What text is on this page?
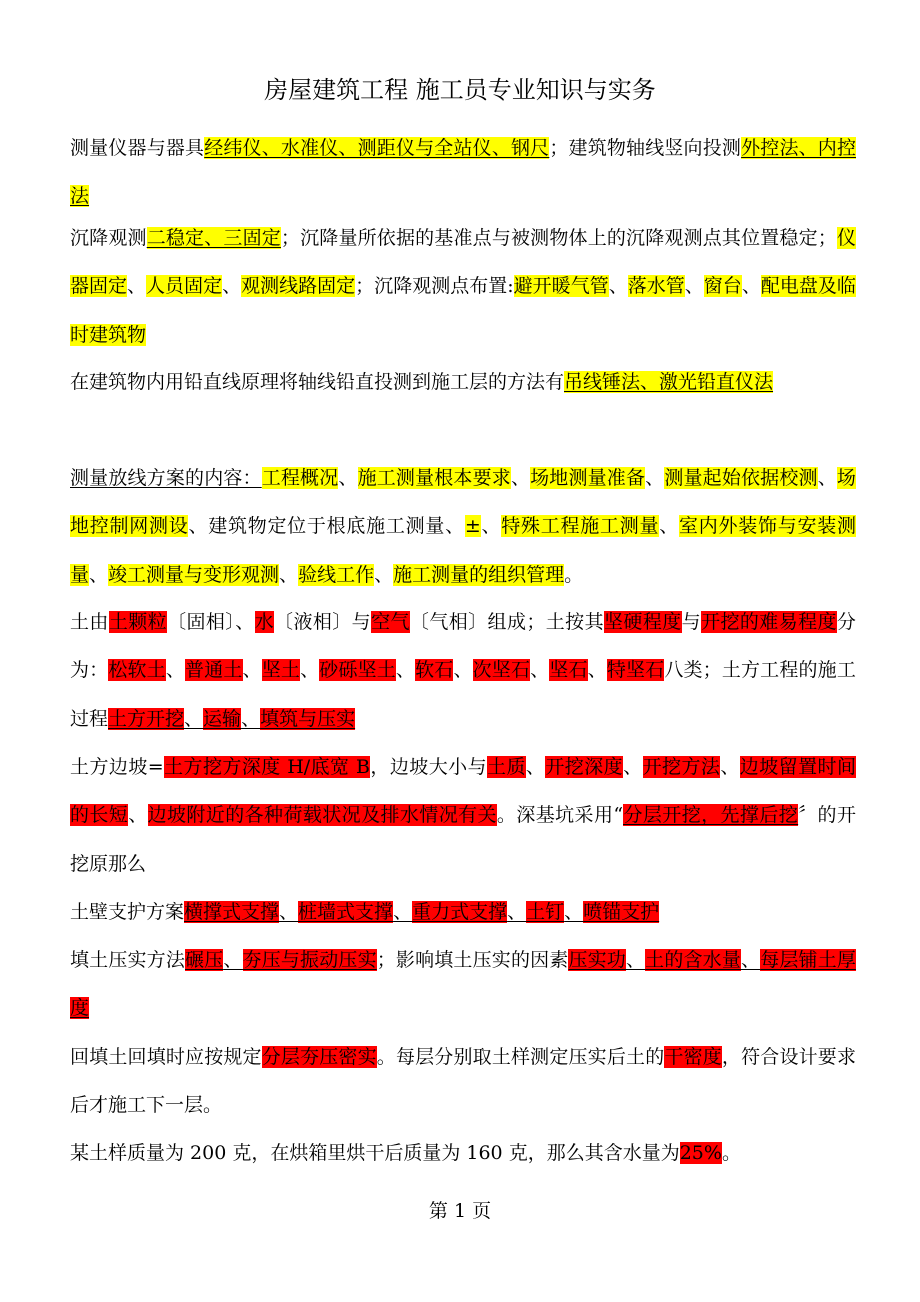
房屋建筑工程 施工员专业知识与实务
测量仪器与器具经纬仪、水准仪、测距仪与全站仪、钢尺；建筑物轴线竖向投测外控法、内控法
沉降观测二稳定、三固定；沉降量所依据的基准点与被测物体上的沉降观测点其位置稳定；仪器固定、人员固定、观测线路固定；沉降观测点布置:避开暖气管、落水管、窗台、配电盘及临时建筑物
在建筑物内用铅直线原理将轴线铅直投测到施工层的方法有吊线锤法、激光铅直仪法
测量放线方案的内容：工程概况、施工测量根本要求、场地测量准备、测量起始依据校测、场地控制网测设、建筑物定位于根底施工测量、±、特殊工程施工测量、室内外装饰与安装测量、竣工测量与变形观测、验线工作、施工测量的组织管理。
土由土颗粒〔固相〕、水〔液相〕与空气〔气相〕组成；土按其坚硬程度与开挖的难易程度分为：松软土、普通土、坚土、砂砾坚土、软石、次坚石、坚石、特坚石八类；土方工程的施工过程土方开挖、运输、填筑与压实
土方边坡=土方挖方深度 H/底宽 B，边坡大小与土质、开挖深度、开挖方法、边坡留置时间的长短、边坡附近的各种荷载状况及排水情况有关。深基坑采用“分层开挖，先撑后挖〞的开挖原那么
土壁支护方案横撑式支撑、桩墙式支撑、重力式支撑、土钉、喷锚支护
填土压实方法碾压、夯压与振动压实；影响填土压实的因素压实功、土的含水量、每层铺土厚度
回填土回填时应按规定分层夯压密实。每层分别取土样测定压实后土的干密度，符合设计要求后才施工下一层。
某土样质量为 200 克，在烘箱里烘干后质量为 160 克，那么其含水量为25%。
第 1 页
